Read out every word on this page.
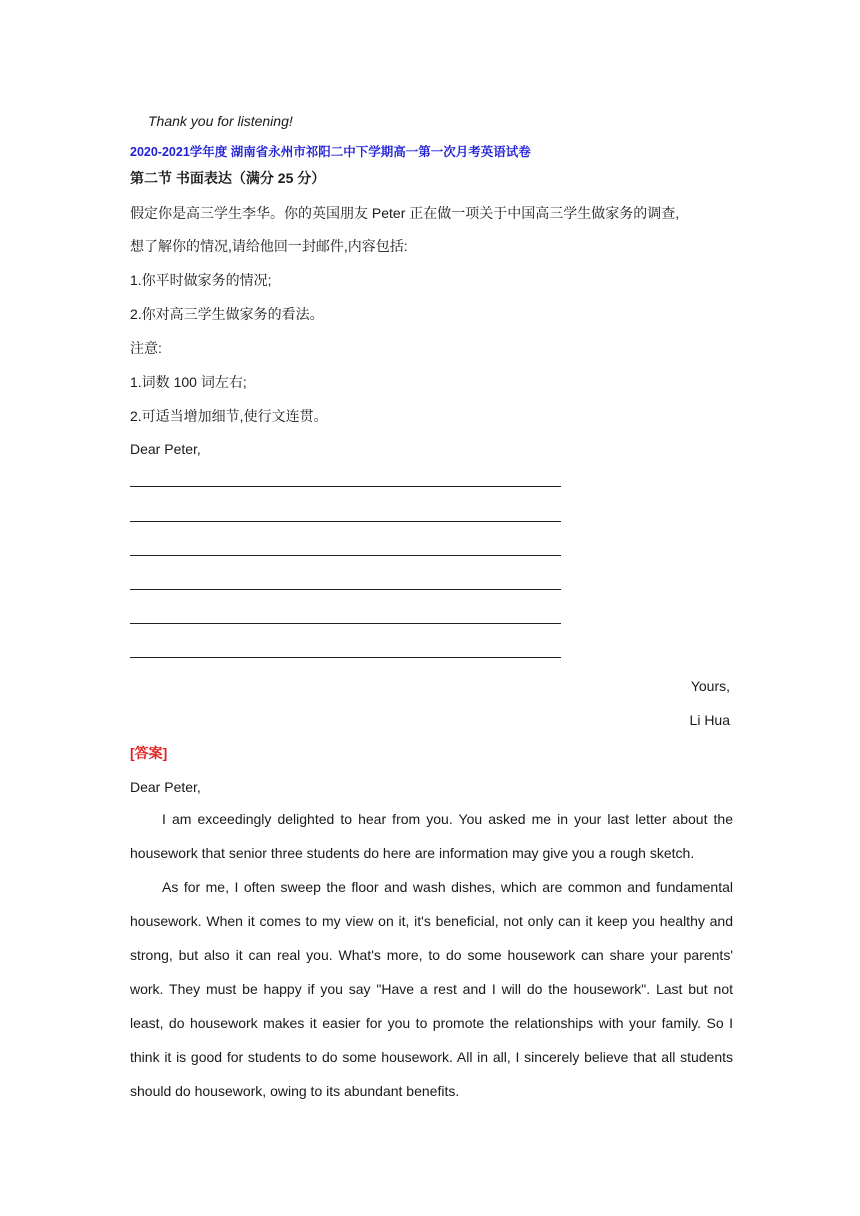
Thank you for listening!
2020-2021学年度 湖南省永州市祁阳二中下学期高一第一次月考英语试卷
第二节 书面表达（满分 25 分）
假定你是高三学生李华。你的英国朋友 Peter 正在做一项关于中国高三学生做家务的调查,
想了解你的情况,请给他回一封邮件,内容包括:
1.你平时做家务的情况;
2.你对高三学生做家务的看法。
注意:
1.词数 100 词左右;
2.可适当增加细节,使行文连贯。
Dear Peter,
Yours,
Li Hua
[答案]
Dear Peter,
I am exceedingly delighted to hear from you. You asked me in your last letter about the housework that senior three students do here are information may give you a rough sketch.
As for me, I often sweep the floor and wash dishes, which are common and fundamental housework. When it comes to my view on it, it's beneficial, not only can it keep you healthy and strong, but also it can real you. What's more, to do some housework can share your parents' work. They must be happy if you say "Have a rest and I will do the housework". Last but not least, do housework makes it easier for you to promote the relationships with your family. So I think it is good for students to do some housework. All in all, I sincerely believe that all students should do housework, owing to its abundant benefits.
